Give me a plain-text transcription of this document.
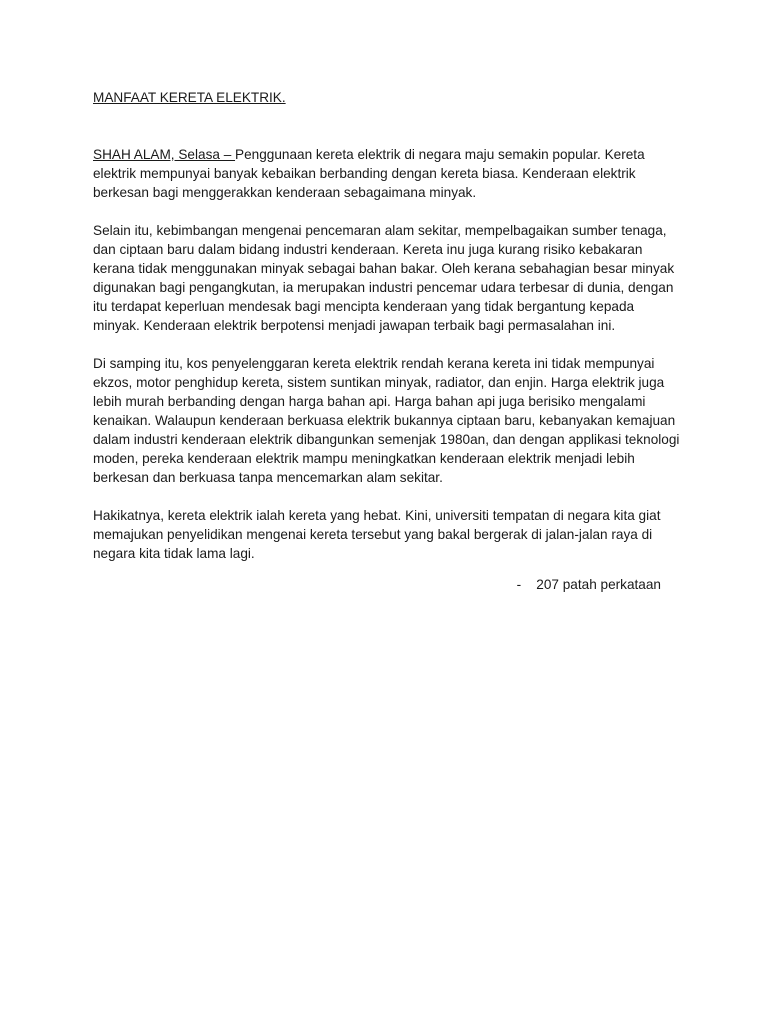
MANFAAT KERETA ELEKTRIK.

SHAH ALAM, Selasa – Penggunaan kereta elektrik di negara maju semakin popular. Kereta elektrik mempunyai banyak kebaikan berbanding dengan kereta biasa. Kenderaan elektrik berkesan bagi menggerakkan kenderaan sebagaimana minyak.

Selain itu, kebimbangan mengenai pencemaran alam sekitar, mempelbagaikan sumber tenaga, dan ciptaan baru dalam bidang industri kenderaan. Kereta inu juga kurang risiko kebakaran kerana tidak menggunakan minyak sebagai bahan bakar. Oleh kerana sebahagian besar minyak digunakan bagi pengangkutan, ia merupakan industri pencemar udara terbesar di dunia, dengan itu terdapat keperluan mendesak bagi mencipta kenderaan yang tidak bergantung kepada minyak. Kenderaan elektrik berpotensi menjadi jawapan terbaik bagi permasalahan ini.

Di samping itu, kos penyelenggaran kereta elektrik rendah kerana kereta ini tidak mempunyai ekzos, motor penghidup kereta, sistem suntikan minyak, radiator, dan enjin. Harga elektrik juga lebih murah berbanding dengan harga bahan api. Harga bahan api juga berisiko mengalami kenaikan. Walaupun kenderaan berkuasa elektrik bukannya ciptaan baru, kebanyakan kemajuan dalam industri kenderaan elektrik dibangunkan semenjak 1980an, dan dengan applikasi teknologi moden, pereka kenderaan elektrik mampu meningkatkan kenderaan elektrik menjadi lebih berkesan dan berkuasa tanpa mencemarkan alam sekitar.

Hakikatnya, kereta elektrik ialah kereta yang hebat. Kini, universiti tempatan di negara kita giat memajukan penyelidikan mengenai kereta tersebut yang bakal bergerak di jalan-jalan raya di negara kita tidak lama lagi.

-    207 patah perkataan
